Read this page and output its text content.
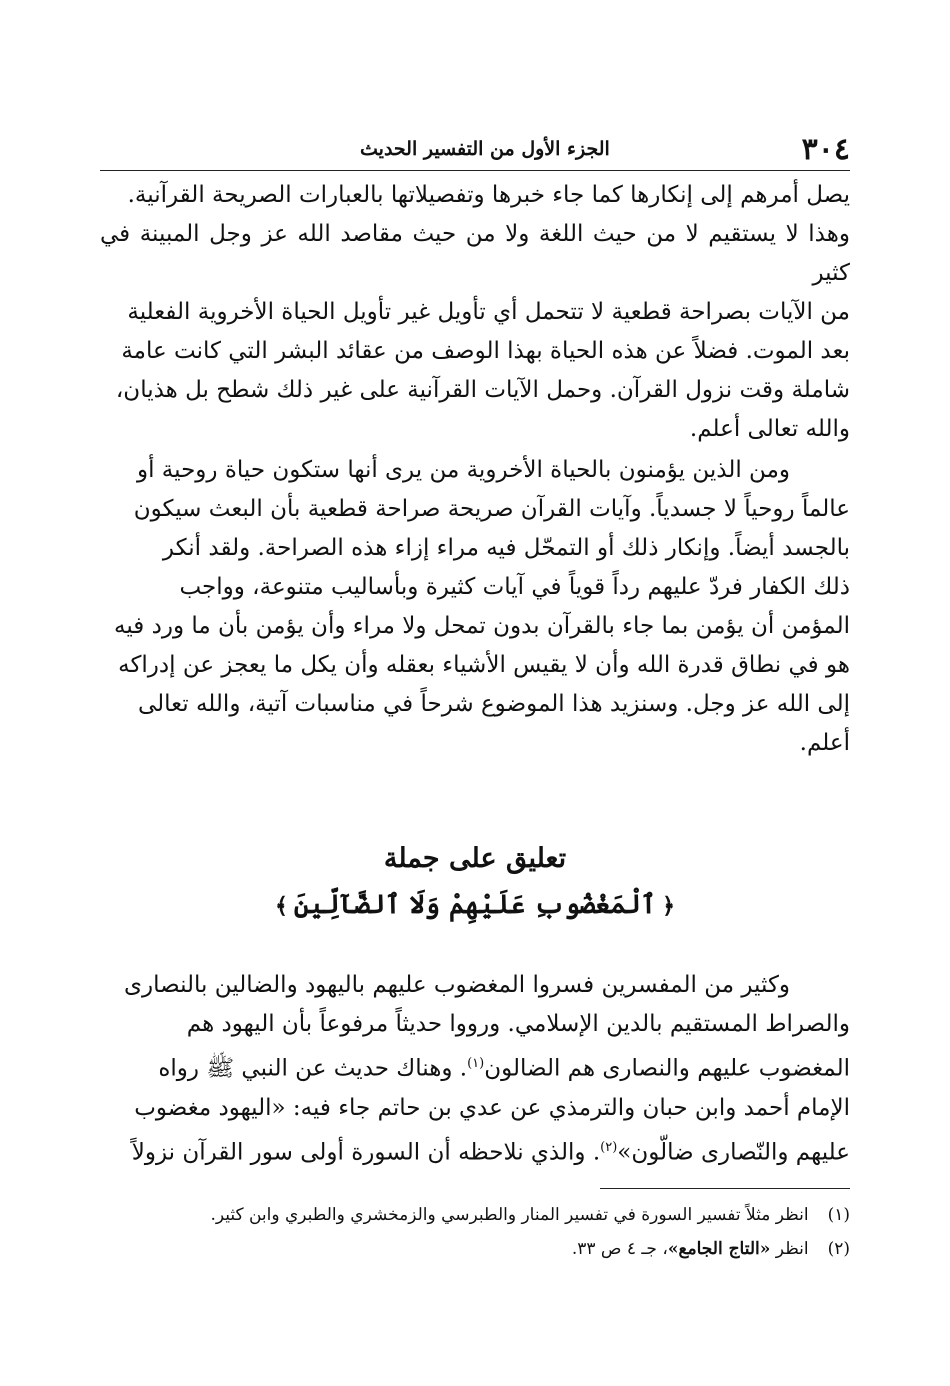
٣٠٤
الجزء الأول من التفسير الحديث
يصل أمرهم إلى إنكارها كما جاء خبرها وتفصيلاتها بالعبارات الصريحة القرآنية.
وهذا لا يستقيم لا من حيث اللغة ولا من حيث مقاصد الله عز وجل المبينة في كثير
من الآيات بصراحة قطعية لا تتحمل أي تأويل غير تأويل الحياة الأخروية الفعلية
بعد الموت. فضلاً عن هذه الحياة بهذا الوصف من عقائد البشر التي كانت عامة
شاملة وقت نزول القرآن. وحمل الآيات القرآنية على غير ذلك شطح بل هذيان،
والله تعالى أعلم.
ومن الذين يؤمنون بالحياة الأخروية من يرى أنها ستكون حياة روحية أو
عالماً روحياً لا جسدياً. وآيات القرآن صريحة صراحة قطعية بأن البعث سيكون
بالجسد أيضاً. وإنكار ذلك أو التمحّل فيه مراء إزاء هذه الصراحة. ولقد أنكر
ذلك الكفار فردّ عليهم رداً قوياً في آيات كثيرة وبأساليب متنوعة، وواجب
المؤمن أن يؤمن بما جاء بالقرآن بدون تمحل ولا مراء وأن يؤمن بأن ما ورد فيه
هو في نطاق قدرة الله وأن لا يقيس الأشياء بعقله وأن يكل ما يعجز عن إدراكه
إلى الله عز وجل. وسنزيد هذا الموضوع شرحاً في مناسبات آتية، والله تعالى
أعلم.
تعليق على جملة
﴿ٱلْمَغْضُوبِ عَلَيْهِمْ وَلَا ٱلضَّآلِّينَ﴾
وكثير من المفسرين فسروا المغضوب عليهم باليهود والضالين بالنصارى
والصراط المستقيم بالدين الإسلامي. ورووا حديثاً مرفوعاً بأن اليهود هم
المغضوب عليهم والنصارى هم الضالون$^{(١)}$. وهناك حديث عن النبي ﷺ رواه
الإمام أحمد وابن حبان والترمذي عن عدي بن حاتم جاء فيه: «اليهود مغضوب
عليهم والنّصارى ضالّون»$^{(٢)}$. والذي نلاحظه أن السورة أولى سور القرآن نزولاً
(١) انظر مثلاً تفسير السورة في تفسير المنار والطبرسي والزمخشري والطبري وابن كثير.
(٢) انظر «التاج الجامع»، جـ ٤ ص ٣٣.
